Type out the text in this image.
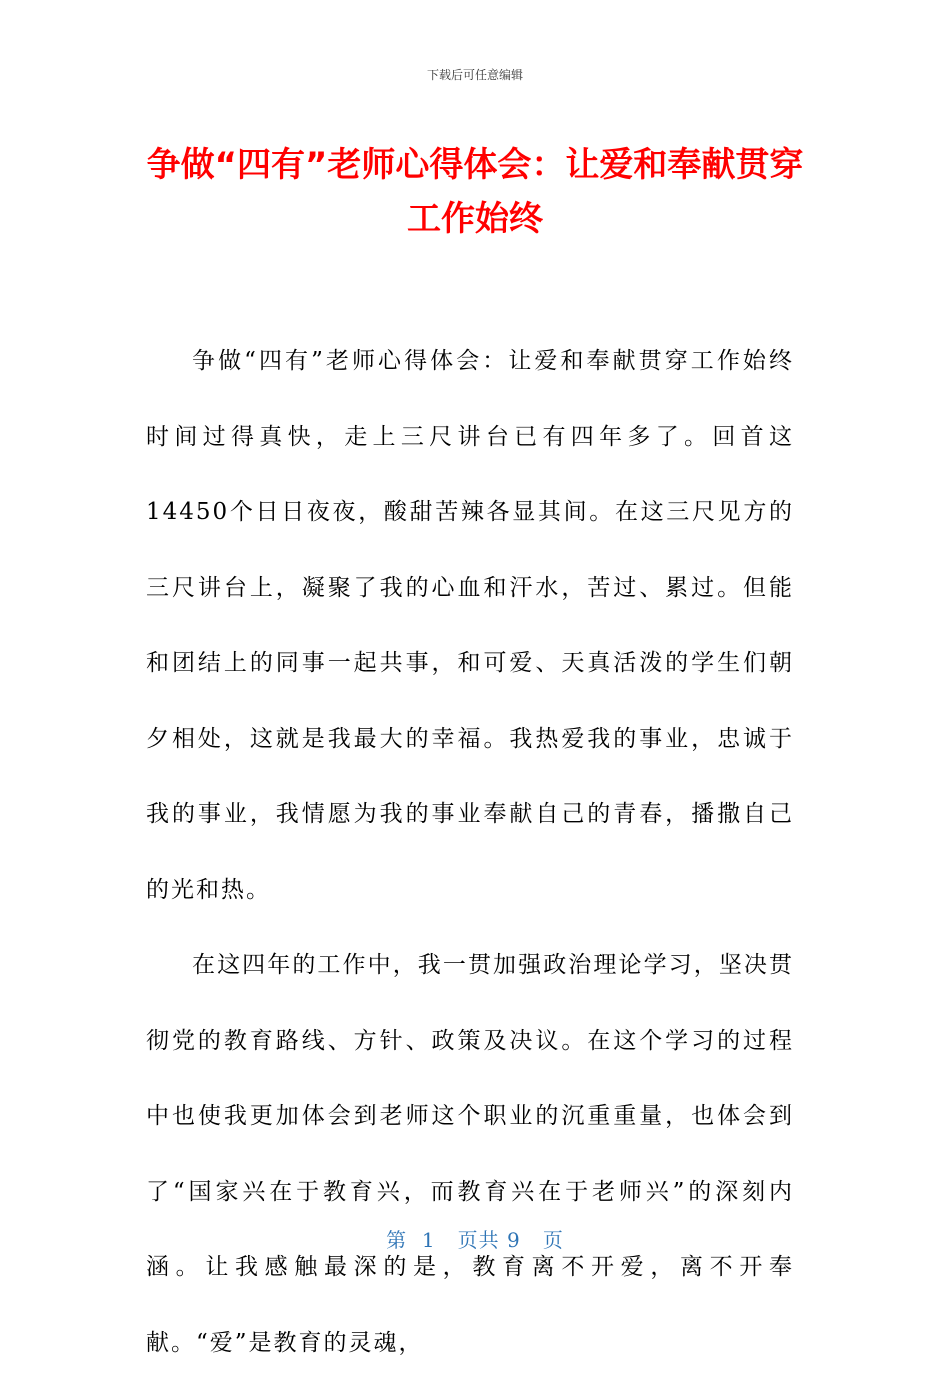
下载后可任意编辑
争做“四有”老师心得体会：让爱和奉献贯穿工作始终

争做“四有”老师心得体会：让爱和奉献贯穿工作始终时间过得真快，走上三尺讲台已有四年多了。回首这14450个日日夜夜，酸甜苦辣各显其间。在这三尺见方的三尺讲台上，凝聚了我的心血和汗水，苦过、累过。但能和团结上的同事一起共事，和可爱、天真活泼的学生们朝夕相处，这就是我最大的幸福。我热爱我的事业，忠诚于我的事业，我情愿为我的事业奉献自己的青春，播撒自己的光和热。

在这四年的工作中，我一贯加强政治理论学习，坚决贯彻党的教育路线、方针、政策及决议。在这个学习的过程中也使我更加体会到老师这个职业的沉重重量，也体会到了“国家兴在于教育兴，而教育兴在于老师兴”的深刻内涵。让我感触最深的是，教育离不开爱，离不开奉献。“爱”是教育的灵魂，

第  1   页共 9   页
